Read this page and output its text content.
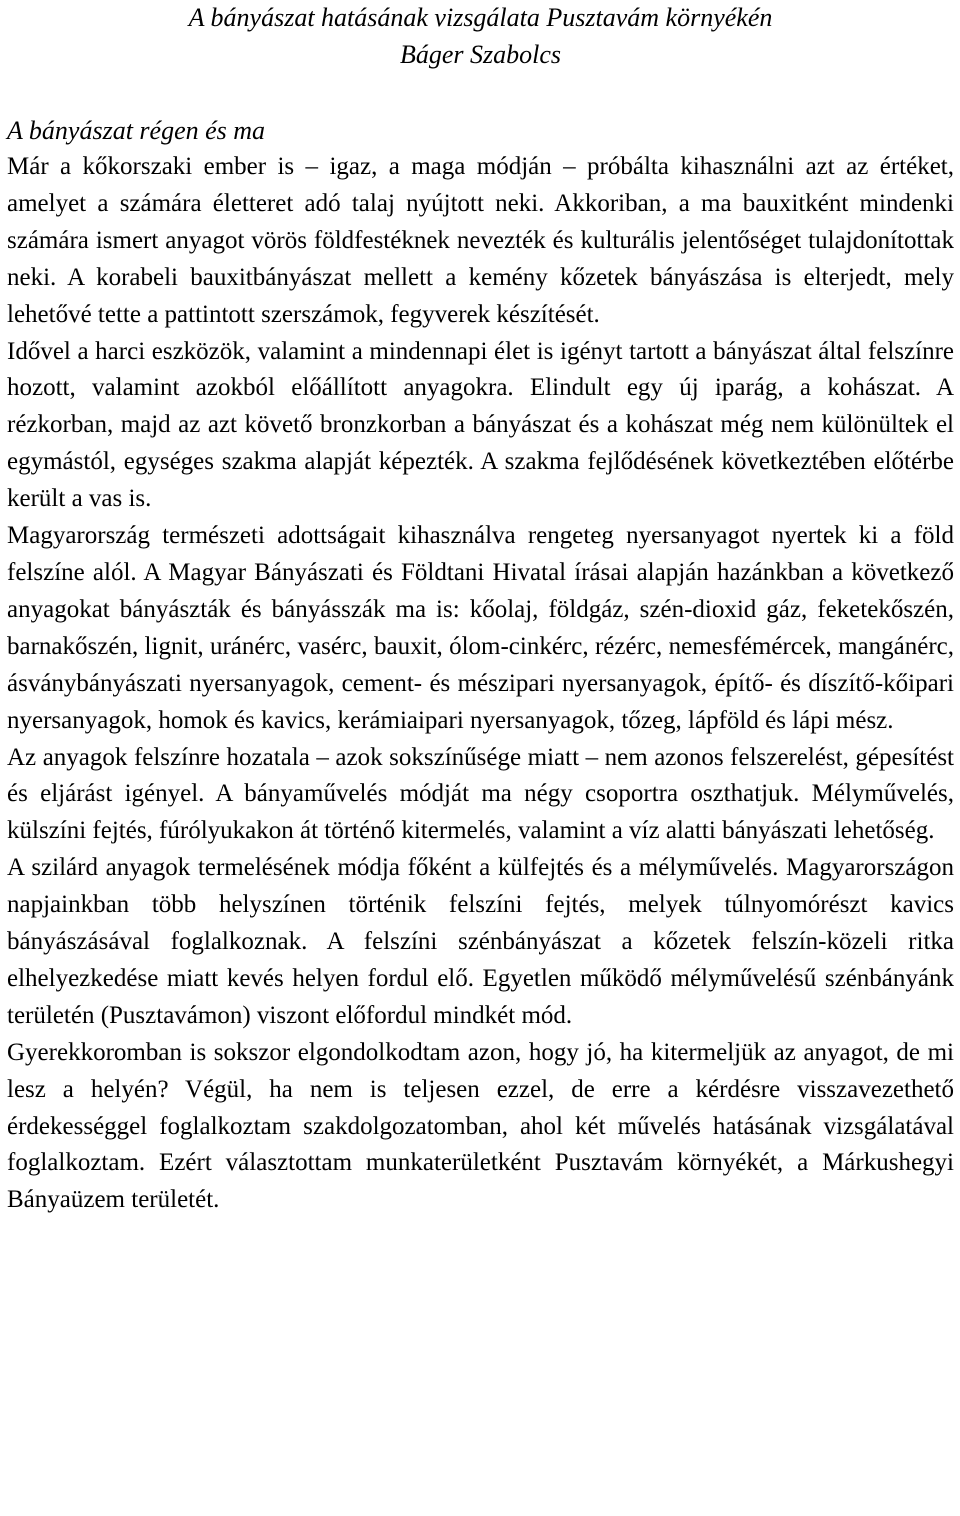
A bányászat hatásának vizsgálata Pusztavám környékén
Báger Szabolcs
A bányászat régen és ma

Már a kőkorszaki ember is – igaz, a maga módján – próbálta kihasználni azt az értéket, amelyet a számára életteret adó talaj nyújtott neki. Akkoriban, a ma bauxitként mindenki számára ismert anyagot vörös földfestéknek nevezték és kulturális jelentőséget tulajdonítottak neki. A korabeli bauxitbányászat mellett a kemény kőzetek bányászása is elterjedt, mely lehetővé tette a pattintott szerszámok, fegyverek készítését.

Idővel a harci eszközök, valamint a mindennapi élet is igényt tartott a bányászat által felszínre hozott, valamint azokból előállított anyagokra. Elindult egy új iparág, a kohászat. A rézkorban, majd az azt követő bronzkorban a bányászat és a kohászat még nem különültek el egymástól, egységes szakma alapját képezték. A szakma fejlődésének következtében előtérbe került a vas is.

Magyarország természeti adottságait kihasználva rengeteg nyersanyagot nyertek ki a föld felszíne alól. A Magyar Bányászati és Földtani Hivatal írásai alapján hazánkban a következő anyagokat bányászták és bányásszák ma is: kőolaj, földgáz, szén-dioxid gáz, feketekőszén, barnakőszén, lignit, uránérc, vasérc, bauxit, ólom-cinkérc, rézérc, nemesfémércek, mangánérc, ásványbányászati nyersanyagok, cement- és mészipari nyersanyagok, építő- és díszítő-kőipari nyersanyagok, homok és kavics, kerámiaipari nyersanyagok, tőzeg, lápföld és lápi mész.

Az anyagok felszínre hozatala – azok sokszínűsége miatt – nem azonos felszerelést, gépesítést és eljárást igényel. A bányaművelés módját ma négy csoportra oszthatjuk. Mélyművelés, külszíni fejtés, fúrólyukakon át történő kitermelés, valamint a víz alatti bányászati lehetőség.

A szilárd anyagok termelésének módja főként a külfejtés és a mélyművelés. Magyarországon napjainkban több helyszínen történik felszíni fejtés, melyek túlnyomórészt kavics bányászásával foglalkoznak. A felszíni szénbányászat a kőzetek felszín-közeli ritka elhelyezkedése miatt kevés helyen fordul elő. Egyetlen működő mélyművelésű szénbányánk területén (Pusztavámon) viszont előfordul mindkét mód.

Gyerekkoromban is sokszor elgondolkodtam azon, hogy jó, ha kitermeljük az anyagot, de mi lesz a helyén? Végül, ha nem is teljesen ezzel, de erre a kérdésre visszavezethető érdekességgel foglalkoztam szakdolgozatomban, ahol két művelés hatásának vizsgálatával foglalkoztam. Ezért választottam munkaterületként Pusztavám környékét, a Márkushegyi Bányaüzem területét.
